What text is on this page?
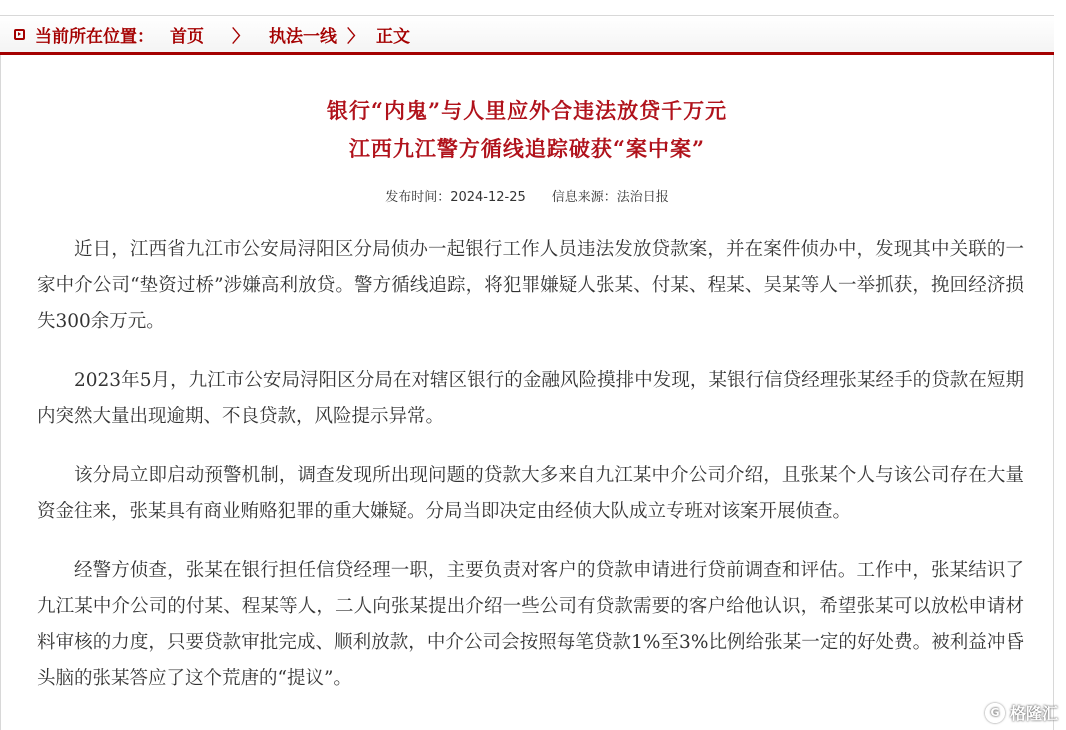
当前所在位置： 首页 〉 执法一线 〉 正文
银行“内鬼”与人里应外合违法放贷千万元
江西九江警方循线追踪破获“案中案”
发布时间：2024-12-25 信息来源：法治日报

近日，江西省九江市公安局浔阳区分局侦办一起银行工作人员违法发放贷款案，并在案件侦办中，发现其中关联的一家中介公司“垫资过桥”涉嫌高利放贷。警方循线追踪，将犯罪嫌疑人张某、付某、程某、吴某等人一举抓获，挽回经济损失300余万元。

2023年5月，九江市公安局浔阳区分局在对辖区银行的金融风险摸排中发现，某银行信贷经理张某经手的贷款在短期内突然大量出现逾期、不良贷款，风险提示异常。

该分局立即启动预警机制，调查发现所出现问题的贷款大多来自九江某中介公司介绍，且张某个人与该公司存在大量资金往来，张某具有商业贿赂犯罪的重大嫌疑。分局当即决定由经侦大队成立专班对该案开展侦查。

经警方侦查，张某在银行担任信贷经理一职，主要负责对客户的贷款申请进行贷前调查和评估。工作中，张某结识了九江某中介公司的付某、程某等人，二人向张某提出介绍一些公司有贷款需要的客户给他认识，希望张某可以放松申请材料审核的力度，只要贷款审批完成、顺利放款，中介公司会按照每笔贷款1%至3%比例给张某一定的好处费。被利益冲昏头脑的张某答应了这个荒唐的“提议”。

G 格隆汇
